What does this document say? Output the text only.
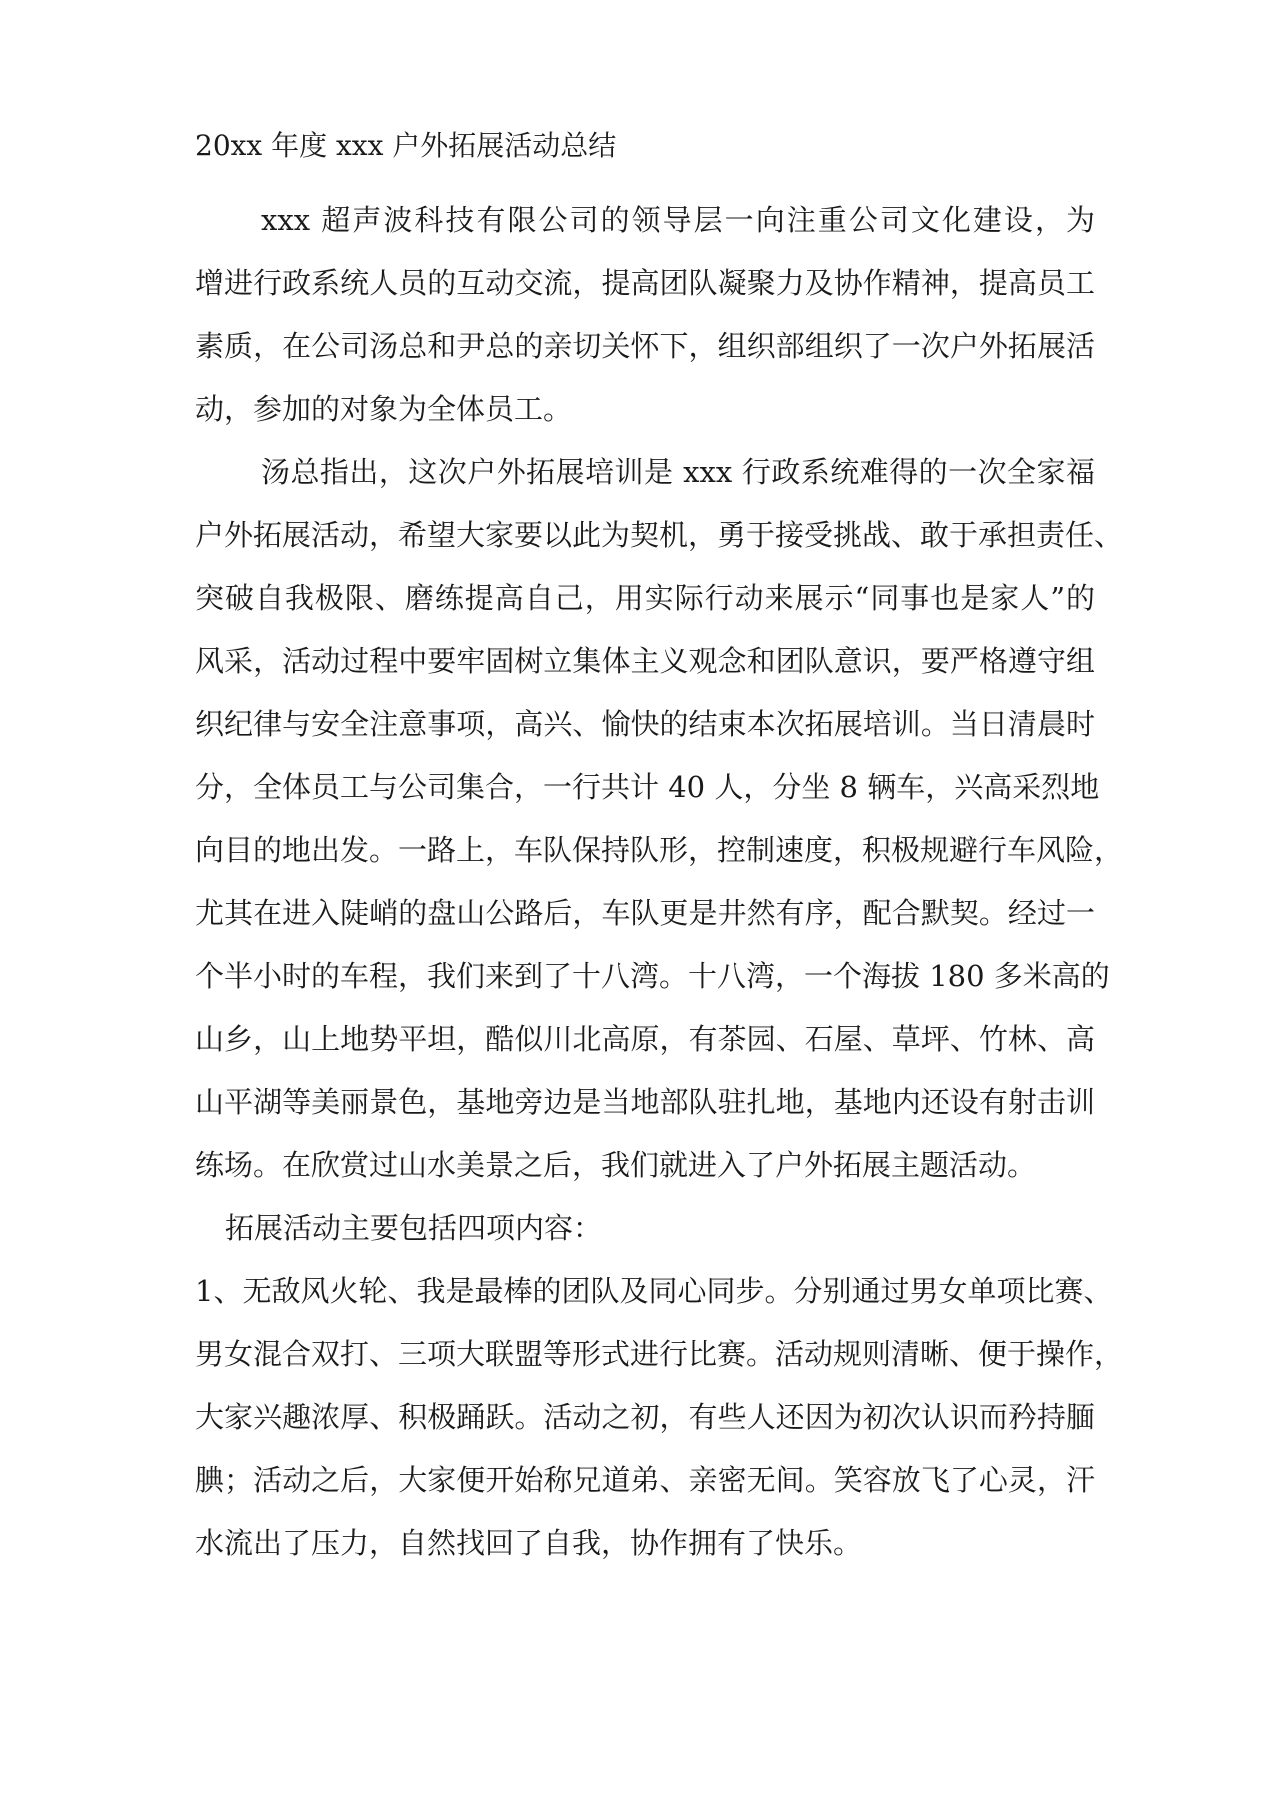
20xx 年度 xxx 户外拓展活动总结
xxx 超声波科技有限公司的领导层一向注重公司文化建设，为
增进行政系统人员的互动交流，提高团队凝聚力及协作精神，提高员工
素质，在公司汤总和尹总的亲切关怀下，组织部组织了一次户外拓展活
动，参加的对象为全体员工。
汤总指出，这次户外拓展培训是 xxx 行政系统难得的一次全家福
户外拓展活动，希望大家要以此为契机，勇于接受挑战、敢于承担责任、
突破自我极限、磨练提高自己，用实际行动来展示“同事也是家人”的
风采，活动过程中要牢固树立集体主义观念和团队意识，要严格遵守组
织纪律与安全注意事项，高兴、愉快的结束本次拓展培训。当日清晨时
分，全体员工与公司集合，一行共计 40 人，分坐 8 辆车，兴高采烈地
向目的地出发。一路上，车队保持队形，控制速度，积极规避行车风险，
尤其在进入陡峭的盘山公路后，车队更是井然有序，配合默契。经过一
个半小时的车程，我们来到了十八湾。十八湾，一个海拔 180 多米高的
山乡，山上地势平坦，酷似川北高原，有茶园、石屋、草坪、竹林、高
山平湖等美丽景色，基地旁边是当地部队驻扎地，基地内还设有射击训
练场。在欣赏过山水美景之后，我们就进入了户外拓展主题活动。
拓展活动主要包括四项内容：
1、无敌风火轮、我是最棒的团队及同心同步。分别通过男女单项比赛、
男女混合双打、三项大联盟等形式进行比赛。活动规则清晰、便于操作，
大家兴趣浓厚、积极踊跃。活动之初，有些人还因为初次认识而矜持腼
腆；活动之后，大家便开始称兄道弟、亲密无间。笑容放飞了心灵，汗
水流出了压力，自然找回了自我，协作拥有了快乐。
